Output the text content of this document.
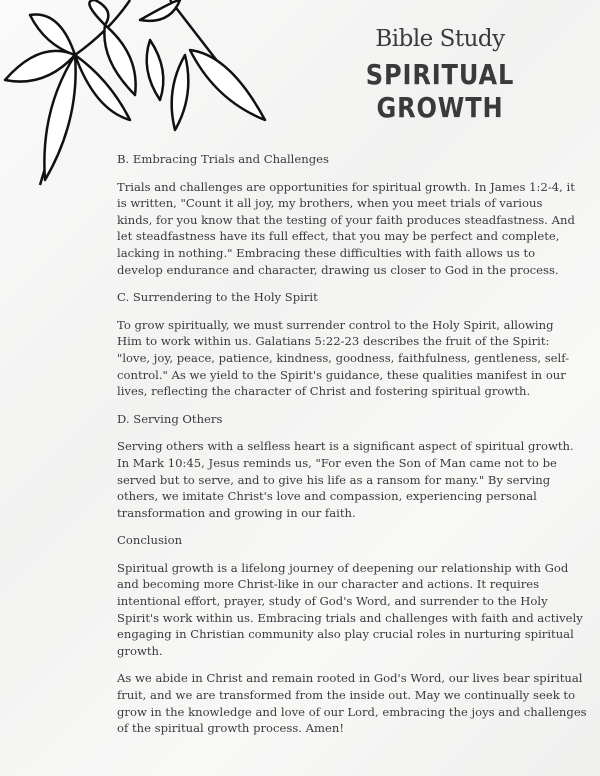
Bible Study
SPIRITUAL GROWTH
B. Embracing Trials and Challenges
Trials and challenges are opportunities for spiritual growth. In James 1:2-4, it
is written, "Count it all joy, my brothers, when you meet trials of various
kinds, for you know that the testing of your faith produces steadfastness. And
let steadfastness have its full effect, that you may be perfect and complete,
lacking in nothing." Embracing these difficulties with faith allows us to
develop endurance and character, drawing us closer to God in the process.
C. Surrendering to the Holy Spirit
To grow spiritually, we must surrender control to the Holy Spirit, allowing
Him to work within us. Galatians 5:22-23 describes the fruit of the Spirit:
"love, joy, peace, patience, kindness, goodness, faithfulness, gentleness, self-
control." As we yield to the Spirit's guidance, these qualities manifest in our
lives, reflecting the character of Christ and fostering spiritual growth.
D. Serving Others
Serving others with a selfless heart is a significant aspect of spiritual growth.
In Mark 10:45, Jesus reminds us, "For even the Son of Man came not to be
served but to serve, and to give his life as a ransom for many." By serving
others, we imitate Christ's love and compassion, experiencing personal
transformation and growing in our faith.
Conclusion
Spiritual growth is a lifelong journey of deepening our relationship with God
and becoming more Christ-like in our character and actions. It requires
intentional effort, prayer, study of God's Word, and surrender to the Holy
Spirit's work within us. Embracing trials and challenges with faith and actively
engaging in Christian community also play crucial roles in nurturing spiritual
growth.
As we abide in Christ and remain rooted in God's Word, our lives bear spiritual
fruit, and we are transformed from the inside out. May we continually seek to
grow in the knowledge and love of our Lord, embracing the joys and challenges
of the spiritual growth process. Amen!
